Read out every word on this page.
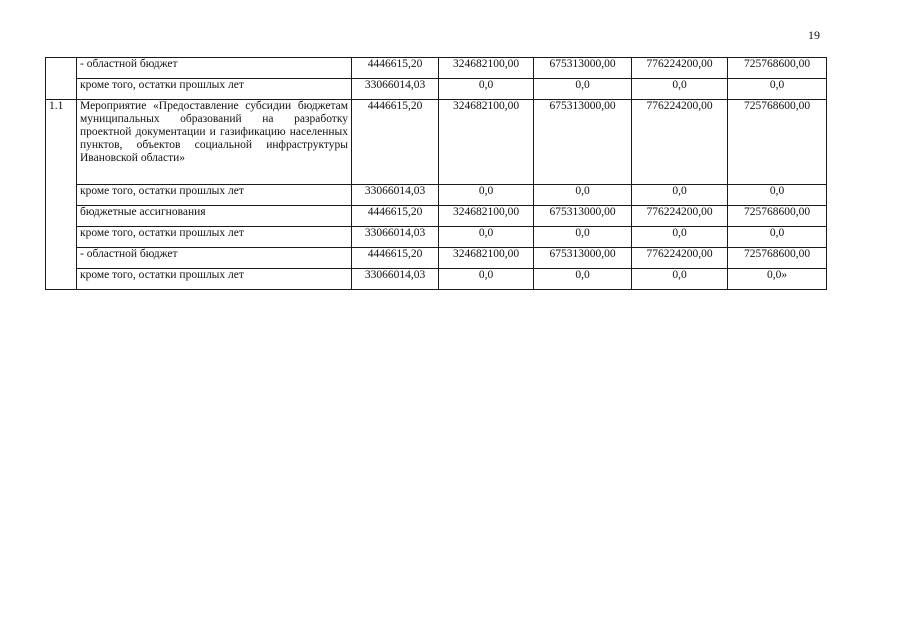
19
	- областной бюджет	4446615,20	324682100,00	675313000,00	776224200,00	725768600,00
	кроме того, остатки прошлых лет	33066014,03	0,0	0,0	0,0	0,0
1.1	Мероприятие «Предоставление субсидии бюджетам муниципальных образований на разработку проектной документации и газификацию населенных пунктов, объектов социальной инфраструктуры Ивановской области»	4446615,20	324682100,00	675313000,00	776224200,00	725768600,00
	кроме того, остатки прошлых лет	33066014,03	0,0	0,0	0,0	0,0
	бюджетные ассигнования	4446615,20	324682100,00	675313000,00	776224200,00	725768600,00
	кроме того, остатки прошлых лет	33066014,03	0,0	0,0	0,0	0,0
	- областной бюджет	4446615,20	324682100,00	675313000,00	776224200,00	725768600,00
	кроме того, остатки прошлых лет	33066014,03	0,0	0,0	0,0	0,0»
